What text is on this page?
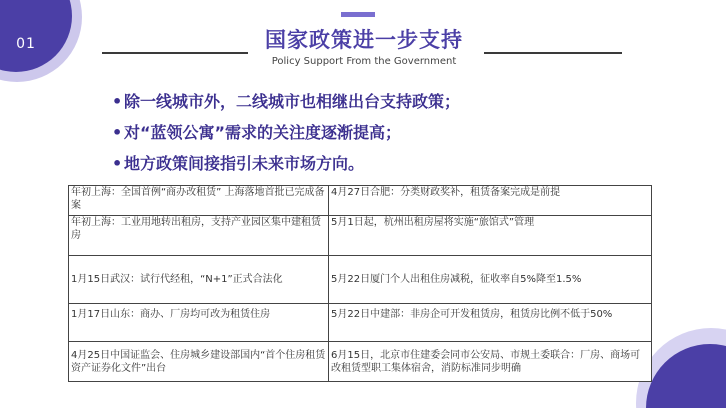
01	国家政策进一步支持
Policy Support From the Government
• 除一线城市外，二线城市也相继出台支持政策；
• 对“蓝领公寓”需求的关注度逐渐提高；
• 地方政策间接指引未来市场方向。
年初上海：全国首例“商办改租赁” 上海落地首批已完成备案	4月27日合肥：分类财政奖补，租赁备案完成是前提
年初上海：工业用地转出租房，支持产业园区集中建租赁房	5月1日起，杭州出租房屋将实施“旅馆式”管理
1月15日武汉：试行代经租，“N+1”正式合法化	5月22日厦门个人出租住房减税，征收率自5%降至1.5%
1月17日山东：商办、厂房均可改为租赁住房	5月22日中建部：非房企可开发租赁房，租赁房比例不低于50%
4月25日中国证监会、住房城乡建设部国内“首个住房租赁资产证券化文件”出台	6月15日，北京市住建委会同市公安局、市规土委联合：厂房、商场可改租赁型职工集体宿舍，消防标准同步明确
